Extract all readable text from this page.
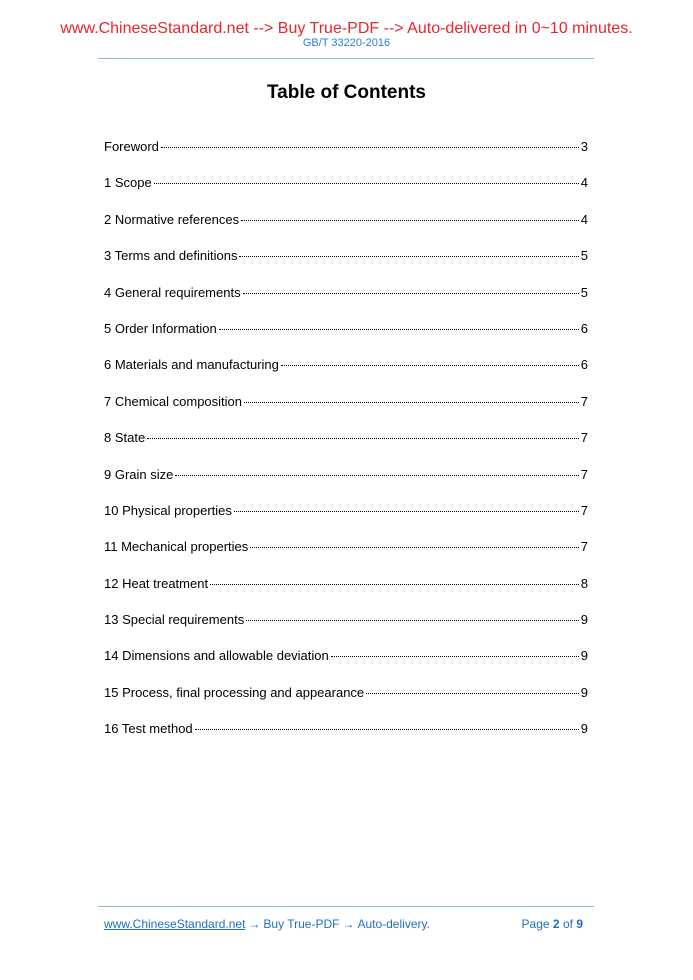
www.ChineseStandard.net --> Buy True-PDF --> Auto-delivered in 0~10 minutes.
GB/T 33220-2016
Table of Contents
Foreword	3
1 Scope	4
2 Normative references	4
3 Terms and definitions	5
4 General requirements	5
5 Order Information	6
6 Materials and manufacturing	6
7 Chemical composition	7
8 State	7
9 Grain size	7
10 Physical properties	7
11 Mechanical properties	7
12 Heat treatment	8
13 Special requirements	9
14 Dimensions and allowable deviation	9
15 Process, final processing and appearance	9
16 Test method	9
www.ChineseStandard.net → Buy True-PDF → Auto-delivery.	Page 2 of 9
